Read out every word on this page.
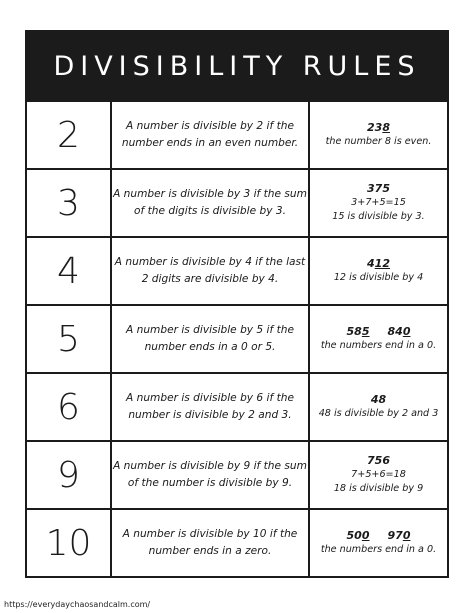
DIVISIBILITY RULES
2	A number is divisible by 2 if the number ends in an even number.	238
the number 8 is even.

3	A number is divisible by 3 if the sum of the digits is divisible by 3.	375
3+7+5=15
15 is divisible by 3.

4	A number is divisible by 4 if the last 2 digits are divisible by 4.	412
12 is divisible by 4

5	A number is divisible by 5 if the number ends in a 0 or 5.	585 840
the numbers end in a 0.

6	A number is divisible by 6 if the number is divisible by 2 and 3.	48
48 is divisible by 2 and 3

9	A number is divisible by 9 if the sum of the number is divisible by 9.	756
7+5+6=18
18 is divisible by 9

10	A number is divisible by 10 if the number ends in a zero.	500 970
the numbers end in a 0.
https://everydaychaosandcalm.com/
